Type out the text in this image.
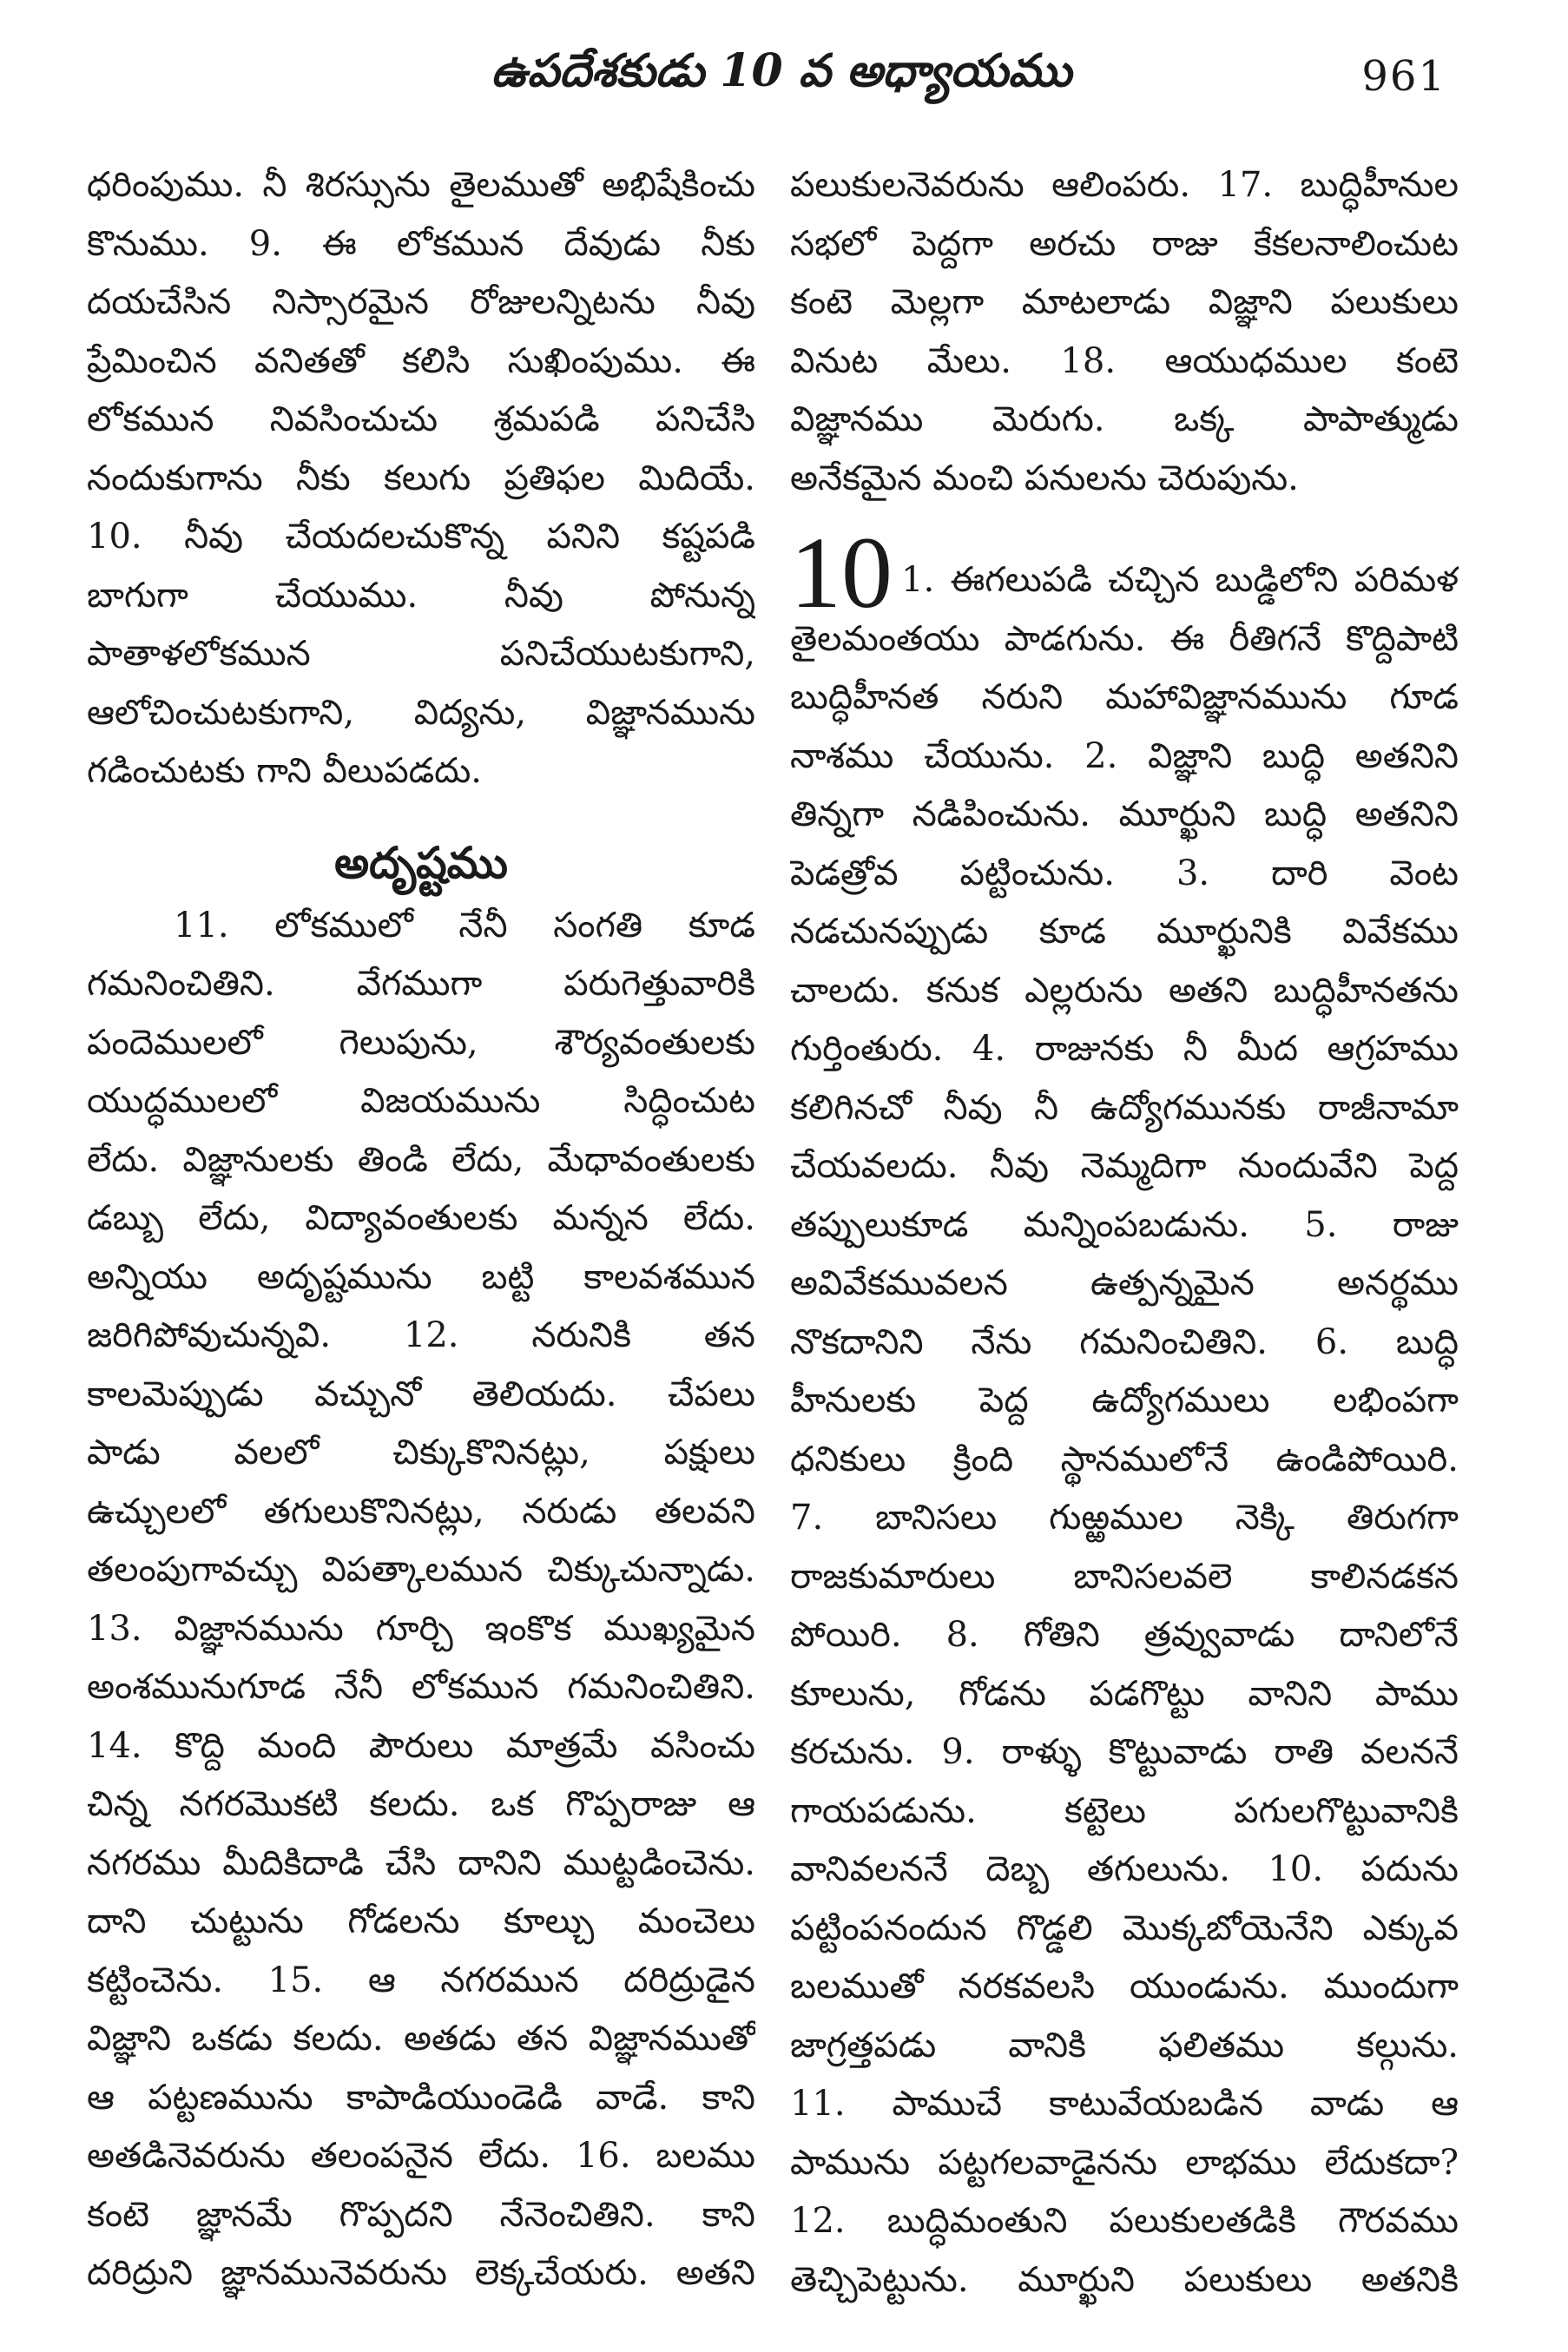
ఉపదేశకుడు 10 వ అధ్యాయము	961
ధరింపుము. నీ శిరస్సును తైలముతో అభిషేకించు
కొనుము. 9. ఈ లోకమున దేవుడు నీకు
దయచేసిన నిస్సారమైన రోజులన్నిటను నీవు
ప్రేమించిన వనితతో కలిసి సుఖింపుము. ఈ
లోకమున నివసించుచు శ్రమపడి పనిచేసి
నందుకుగాను నీకు కలుగు ప్రతిఫల మిదియే.
10. నీవు చేయదలచుకొన్న పనిని కష్టపడి
బాగుగా చేయుము. నీవు పోనున్న
పాతాళలోకమున పనిచేయుటకుగాని,
ఆలోచించుటకుగాని, విద్యను, విజ్ఞానమును
గడించుటకు గాని వీలుపడదు.
అదృష్టము
11. లోకములో నేనీ సంగతి కూడ
గమనించితిని. వేగముగా పరుగెత్తువారికి
పందెములలో గెలుపును, శౌర్యవంతులకు
యుద్ధములలో విజయమును సిద్ధించుట
లేదు. విజ్ఞానులకు తిండి లేదు, మేధావంతులకు
డబ్బు లేదు, విద్యావంతులకు మన్నన లేదు.
అన్నియు అదృష్టమును బట్టి కాలవశమున
జరిగిపోవుచున్నవి. 12. నరునికి తన
కాలమెప్పుడు వచ్చునో తెలియదు. చేపలు
పాడు వలలో చిక్కుకొనినట్లు, పక్షులు
ఉచ్చులలో తగులుకొనినట్లు, నరుడు తలవని
తలంపుగావచ్చు విపత్కాలమున చిక్కుచున్నాడు.
13. విజ్ఞానమును గూర్చి ఇంకొక ముఖ్యమైన
అంశమునుగూడ నేనీ లోకమున గమనించితిని.
14. కొద్ది మంది పౌరులు మాత్రమే వసించు
చిన్న నగరమొకటి కలదు. ఒక గొప్పరాజు ఆ
నగరము మీదికిదాడి చేసి దానిని ముట్టడించెను.
దాని చుట్టును గోడలను కూల్చు మంచెలు
కట్టించెను. 15. ఆ నగరమున దరిద్రుడైన
విజ్ఞాని ఒకడు కలదు. అతడు తన విజ్ఞానముతో
ఆ పట్టణమును కాపాడియుండెడి వాడే. కాని
అతడినెవరును తలంపనైన లేదు. 16. బలము
కంటె జ్ఞానమే గొప్పదని నేనెంచితిని. కాని
దరిద్రుని జ్ఞానమునెవరును లెక్కచేయరు. అతని
పలుకులనెవరును ఆలింపరు. 17. బుద్ధిహీనుల
సభలో పెద్దగా అరచు రాజు కేకలనాలించుట
కంటె మెల్లగా మాటలాడు విజ్ఞాని పలుకులు
వినుట మేలు. 18. ఆయుధముల కంటె
విజ్ఞానము మెరుగు. ఒక్క పాపాత్ముడు
అనేకమైన మంచి పనులను చెరుపును.
10 1. ఈగలుపడి చచ్చిన బుడ్డిలోని పరిమళ
తైలమంతయు పాడగును. ఈ రీతిగనే కొద్దిపాటి
బుద్ధిహీనత నరుని మహావిజ్ఞానమును గూడ
నాశము చేయును. 2. విజ్ఞాని బుద్ధి అతనిని
తిన్నగా నడిపించును. మూర్ఖుని బుద్ధి అతనిని
పెడత్రోవ పట్టించును. 3. దారి వెంట
నడచునప్పుడు కూడ మూర్ఖునికి వివేకము
చాలదు. కనుక ఎల్లరును అతని బుద్ధిహీనతను
గుర్తింతురు. 4. రాజునకు నీ మీద ఆగ్రహము
కలిగినచో నీవు నీ ఉద్యోగమునకు రాజీనామా
చేయవలదు. నీవు నెమ్మదిగా నుందువేని పెద్ద
తప్పులుకూడ మన్నింపబడును. 5. రాజు
అవివేకమువలన ఉత్పన్నమైన అనర్థము
నొకదానిని నేను గమనించితిని. 6. బుద్ధి
హీనులకు పెద్ద ఉద్యోగములు లభింపగా
ధనికులు క్రింది స్థానములోనే ఉండిపోయిరి.
7. బానిసలు గుఱ్ఱముల నెక్కి తిరుగగా
రాజకుమారులు బానిసలవలె కాలినడకన
పోయిరి. 8. గోతిని త్రవ్వువాడు దానిలోనే
కూలును, గోడను పడగొట్టు వానిని పాము
కరచును. 9. రాళ్ళు కొట్టువాడు రాతి వలననే
గాయపడును. కట్టెలు పగులగొట్టువానికి
వానివలననే దెబ్బ తగులును. 10. పదును
పట్టింపనందున గొడ్డలి మొక్కబోయెనేని ఎక్కువ
బలముతో నరకవలసి యుండును. ముందుగా
జాగ్రత్తపడు వానికి ఫలితము కల్గును.
11. పాముచే కాటువేయబడిన వాడు ఆ
పామును పట్టగలవాడైనను లాభము లేదుకదా?
12. బుద్ధిమంతుని పలుకులతడికి గౌరవము
తెచ్చిపెట్టును. మూర్ఖుని పలుకులు అతనికి
